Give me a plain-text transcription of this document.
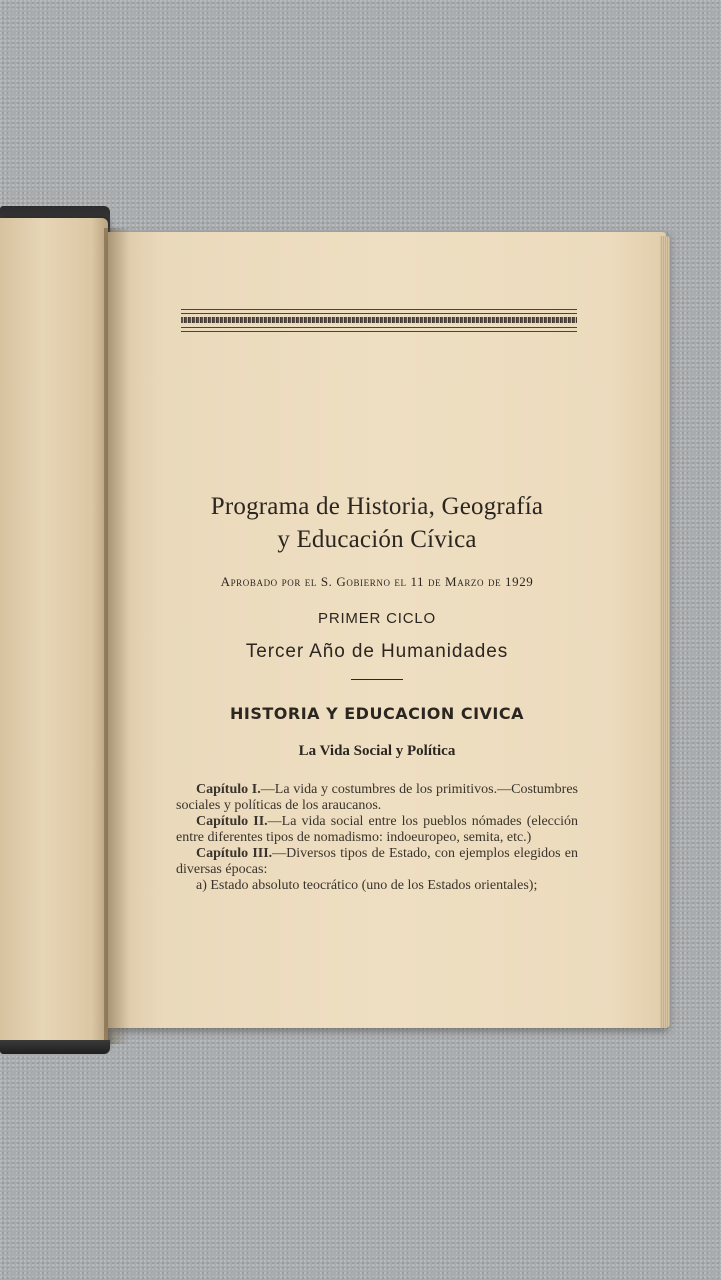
Programa de Historia, Geografía
y Educación Cívica
Aprobado por el S. Gobierno el 11 de Marzo de 1929
PRIMER CICLO
Tercer Año de Humanidades
HISTORIA Y EDUCACION CIVICA
La Vida Social y Política

Capítulo I.—La vida y costumbres de los primitivos.—Costumbres sociales y políticas de los araucanos.

Capítulo II.—La vida social entre los pueblos nómades (elección entre diferentes tipos de nomadismo: indoeuropeo, semita, etc.)

Capítulo III.—Diversos tipos de Estado, con ejemplos elegidos en diversas épocas:

a) Estado absoluto teocrático (uno de los Estados orientales);
